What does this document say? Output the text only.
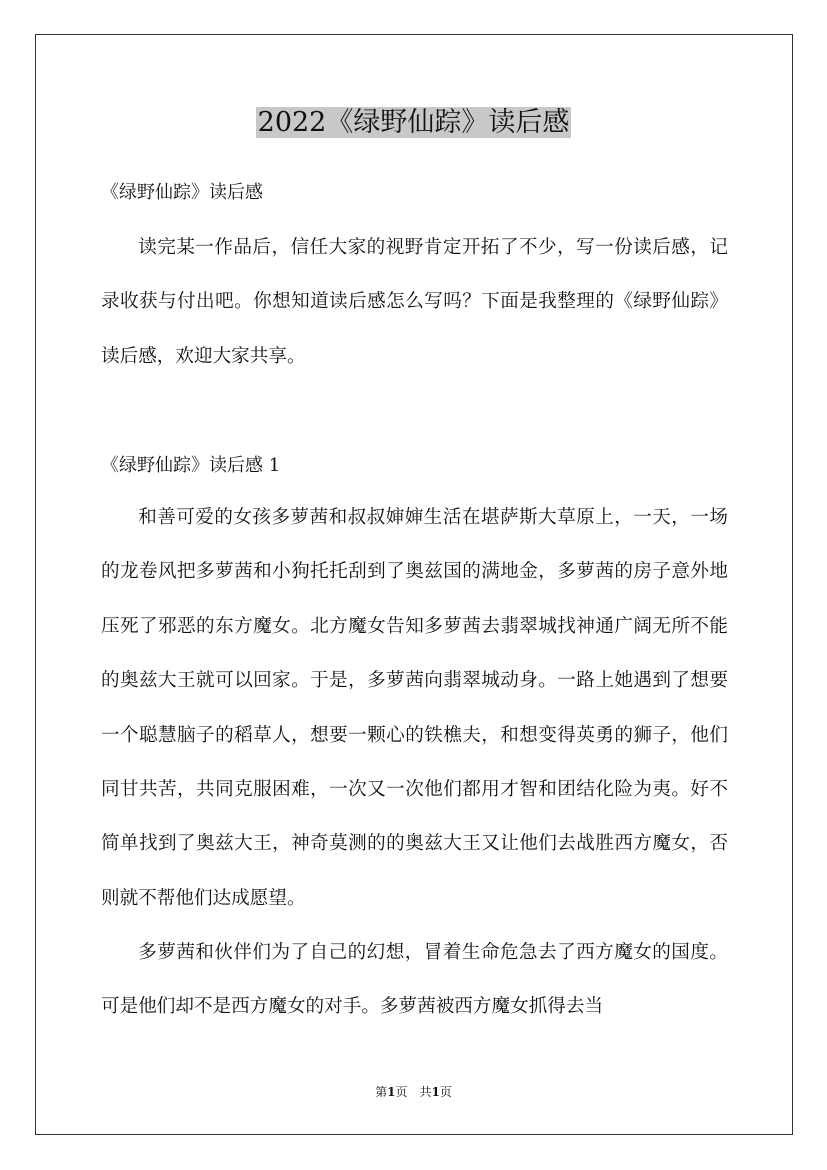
2022《绿野仙踪》读后感

《绿野仙踪》读后感

读完某一作品后，信任大家的视野肯定开拓了不少，写一份读后感，记录收获与付出吧。你想知道读后感怎么写吗？下面是我整理的《绿野仙踪》读后感，欢迎大家共享。

《绿野仙踪》读后感 1

和善可爱的女孩多萝茜和叔叔婶婶生活在堪萨斯大草原上，一天，一场的龙卷风把多萝茜和小狗托托刮到了奥兹国的满地金，多萝茜的房子意外地压死了邪恶的东方魔女。北方魔女告知多萝茜去翡翠城找神通广阔无所不能的奥兹大王就可以回家。于是，多萝茜向翡翠城动身。一路上她遇到了想要一个聪慧脑子的稻草人，想要一颗心的铁樵夫，和想变得英勇的狮子，他们同甘共苦，共同克服困难，一次又一次他们都用才智和团结化险为夷。好不简单找到了奥兹大王，神奇莫测的的奥兹大王又让他们去战胜西方魔女，否则就不帮他们达成愿望。

多萝茜和伙伴们为了自己的幻想，冒着生命危急去了西方魔女的国度。可是他们却不是西方魔女的对手。多萝茜被西方魔女抓得去当

第1页　共1页
